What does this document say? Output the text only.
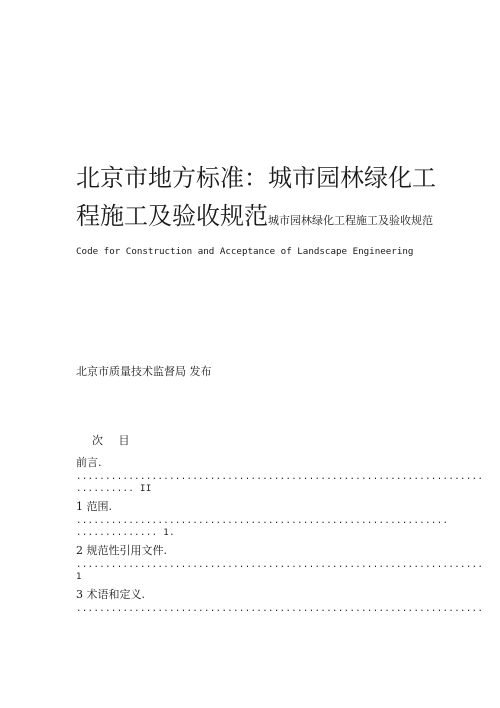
北京市地方标准：城市园林绿化工
程施工及验收规范城市园林绿化工程施工及验收规范
Code for Construction and Acceptance of Landscape Engineering
北京市质量技术监督局 发布
次 目
前言.
......................................................................
.......... II
1 范围.
................................................................
.............. 1.
2 规范性引用文件.
......................................................................
1
3 术语和定义.
......................................................................
